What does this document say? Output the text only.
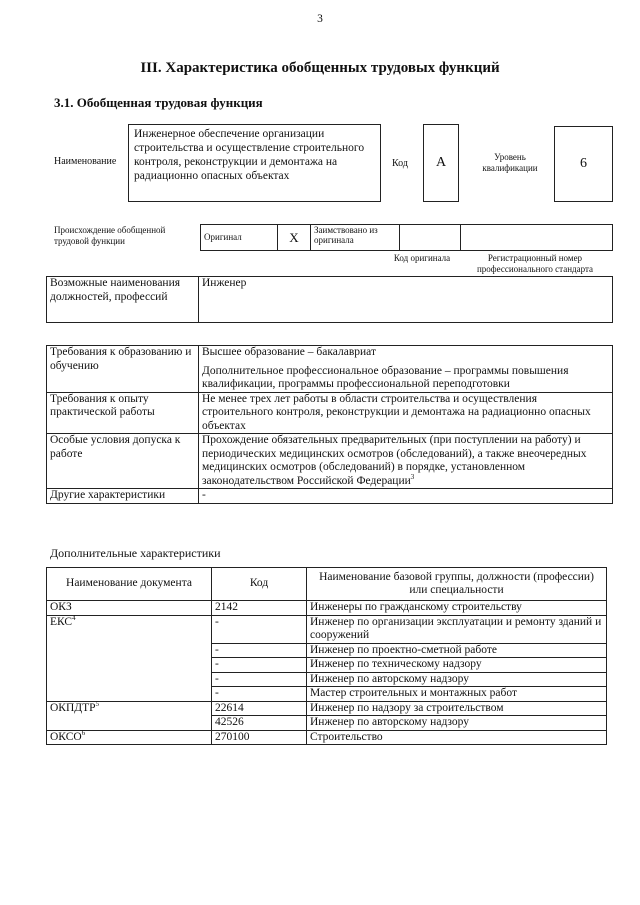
3
III. Характеристика обобщенных трудовых функций
3.1. Обобщенная трудовая функция
Наименование
Инженерное обеспечение организации строительства и осуществление строительного контроля, реконструкции и демонтажа на радиационно опасных объектах
Код А	Уровень квалификации	6
Происхождение обобщенной трудовой функции	Оригинал	X	Заимствовано из оригинала		
Код оригинала	Регистрационный номер профессионального стандарта
Возможные наименования должностей, профессий	Инженер
Требования к образованию и обучению	Высшее образование – бакалавриат
Дополнительное профессиональное образование – программы повышения квалификации, программы профессиональной переподготовки

Требования к опыту практической работы	Не менее трех лет работы в области строительства и осуществления строительного контроля, реконструкции и демонтажа на радиационно опасных объектах

Особые условия допуска к работе	Прохождение обязательных предварительных (при поступлении на работу) и периодических медицинских осмотров (обследований), а также внеочередных медицинских осмотров (обследований) в порядке, установленном законодательством Российской Федерации$^3$
Другие характеристики	-
Дополнительные характеристики
Наименование документа	Код	Наименование базовой группы, должности (профессии) или специальности
ОКЗ	2142	Инженеры по гражданскому строительству
ЕКС$^4$	-	Инженер по организации эксплуатации и ремонту зданий и сооружений
	-	Инженер по проектно-сметной работе
	-	Инженер по техническому надзору
	-	Инженер по авторскому надзору
	-	Мастер строительных и монтажных работ
ОКПДТР$^5$	22614	Инженер по надзору за строительством
	42526	Инженер по авторскому надзору
ОКСО$^6$	270100	Строительство
